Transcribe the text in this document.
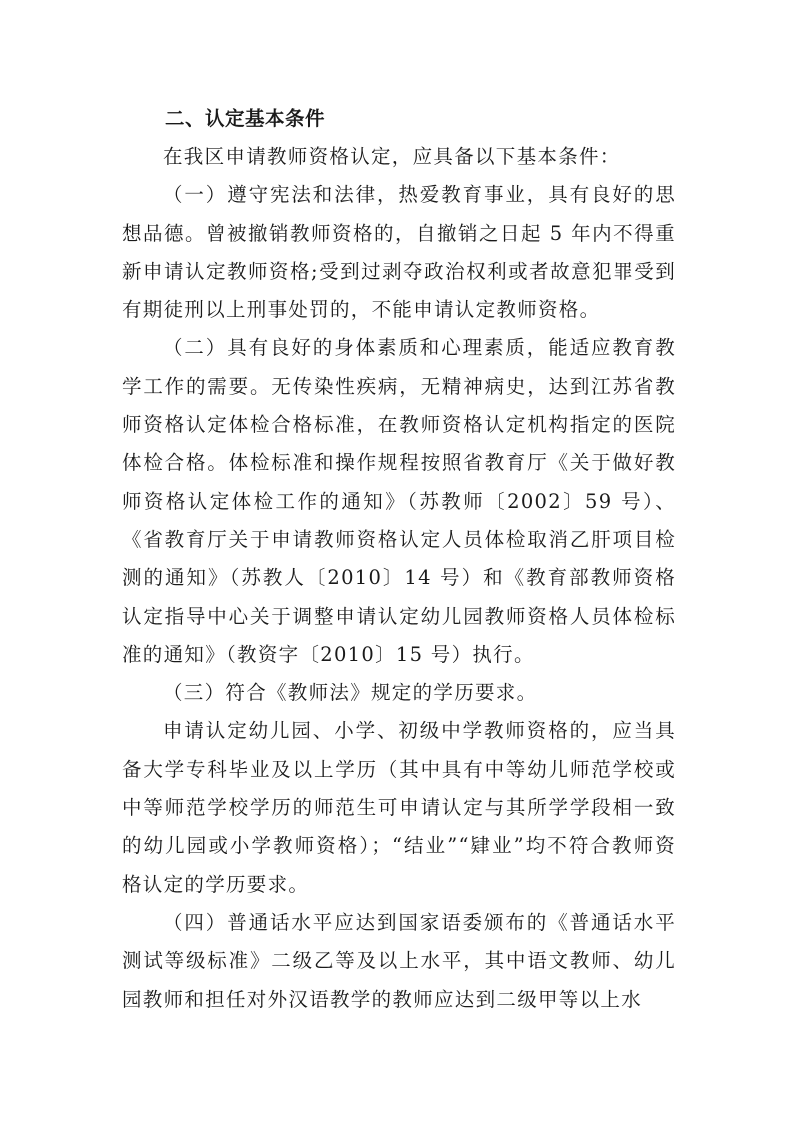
二、认定基本条件

在我区申请教师资格认定，应具备以下基本条件：

（一）遵守宪法和法律，热爱教育事业，具有良好的思想品德。曾被撤销教师资格的，自撤销之日起 5 年内不得重新申请认定教师资格;受到过剥夺政治权利或者故意犯罪受到有期徒刑以上刑事处罚的，不能申请认定教师资格。

（二）具有良好的身体素质和心理素质，能适应教育教学工作的需要。无传染性疾病，无精神病史，达到江苏省教师资格认定体检合格标准，在教师资格认定机构指定的医院体检合格。体检标准和操作规程按照省教育厅《关于做好教师资格认定体检工作的通知》（苏教师〔2002〕59 号）、《省教育厅关于申请教师资格认定人员体检取消乙肝项目检测的通知》（苏教人〔2010〕14 号）和《教育部教师资格认定指导中心关于调整申请认定幼儿园教师资格人员体检标准的通知》（教资字〔2010〕15 号）执行。

（三）符合《教师法》规定的学历要求。

申请认定幼儿园、小学、初级中学教师资格的，应当具备大学专科毕业及以上学历（其中具有中等幼儿师范学校或中等师范学校学历的师范生可申请认定与其所学学段相一致的幼儿园或小学教师资格）；“结业”“肄业”均不符合教师资格认定的学历要求。

（四）普通话水平应达到国家语委颁布的《普通话水平测试等级标准》二级乙等及以上水平，其中语文教师、幼儿园教师和担任对外汉语教学的教师应达到二级甲等以上水
